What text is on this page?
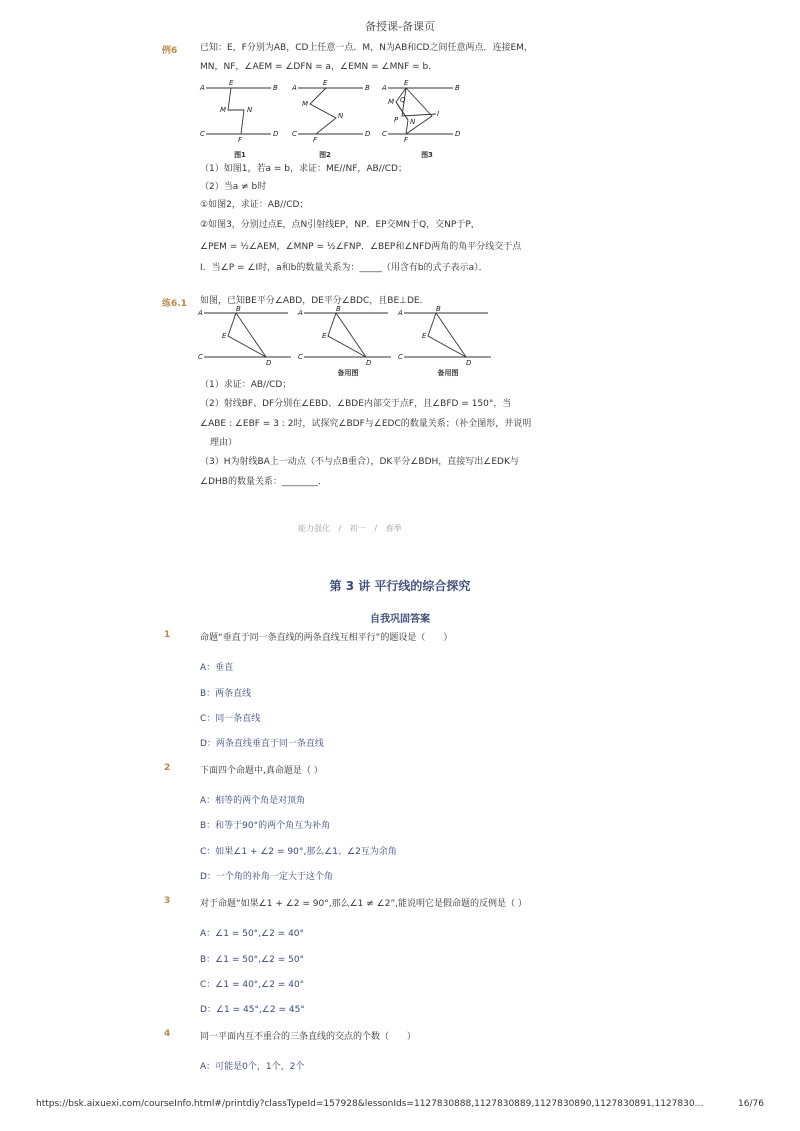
备授课-备课页
例6	已知：E，F分别为AB，CD上任意一点．M，N为AB和CD之间任意两点．连接EM，
MN，NF，∠AEM = ∠DFN = a，∠EMN = ∠MNF = b．
A	B
E
C	D
F
M	N
A	B
E
C	D
F
M
N
A	B
E
C	D
F
M Q
P N
I
图1	图2	图3
（1）如图1，若a = b，求证：ME//NF，AB//CD；
（2）当a ≠ b时
①如图2，求证：AB//CD；
②如图3，分别过点E，点N引射线EP，NP．EP交MN于Q，交NP于P，
∠PEM = ½∠AEM，∠MNP = ½∠FNP．∠BEP和∠NFD两角的角平分线交于点
I．当∠P = ∠I时，a和b的数量关系为：_____（用含有b的式子表示a）．
练6.1 如图，已知BE平分∠ABD，DE平分∠BDC，且BE⊥DE．
A	B
E
C
D
A	B
E
C
D
A	B
E
C
D
备用图	备用图
（1）求证：AB//CD；
（2）射线BF、DF分别在∠EBD、∠BDE内部交于点F，且∠BFD = 150°，当
∠ABE : ∠EBF = 3 : 2时，试探究∠BDF与∠EDC的数量关系；（补全图形，并说明
理由）
（3）H为射线BA上一动点（不与点B重合），DK平分∠BDH，直接写出∠EDK与
∠DHB的数量关系：________．
能力强化 / 初一 / 春季
第 3 讲 平行线的综合探究
自我巩固答案
1	命题“垂直于同一条直线的两条直线互相平行”的题设是（　　）
A：垂直
B：两条直线
C：同一条直线
D：两条直线垂直于同一条直线
2	下面四个命题中,真命题是（ ）
A：相等的两个角是对顶角
B：和等于90°的两个角互为补角
C：如果∠1 + ∠2 = 90°,那么∠1、∠2互为余角
D：一个角的补角一定大于这个角
3	对于命题“如果∠1 + ∠2 = 90°,那么∠1 ≠ ∠2”,能说明它是假命题的反例是（ ）
A：∠1 = 50°,∠2 = 40°
B：∠1 = 50°,∠2 = 50°
C：∠1 = 40°,∠2 = 40°
D：∠1 = 45°,∠2 = 45°
4	同一平面内互不重合的三条直线的交点的个数（　　）
A：可能是0个，1个，2个
https://bsk.aixuexi.com/courseInfo.html#/printdiy?classTypeId=157928&lessonIds=1127830888,1127830889,1127830890,1127830891,1127830…	16/76
